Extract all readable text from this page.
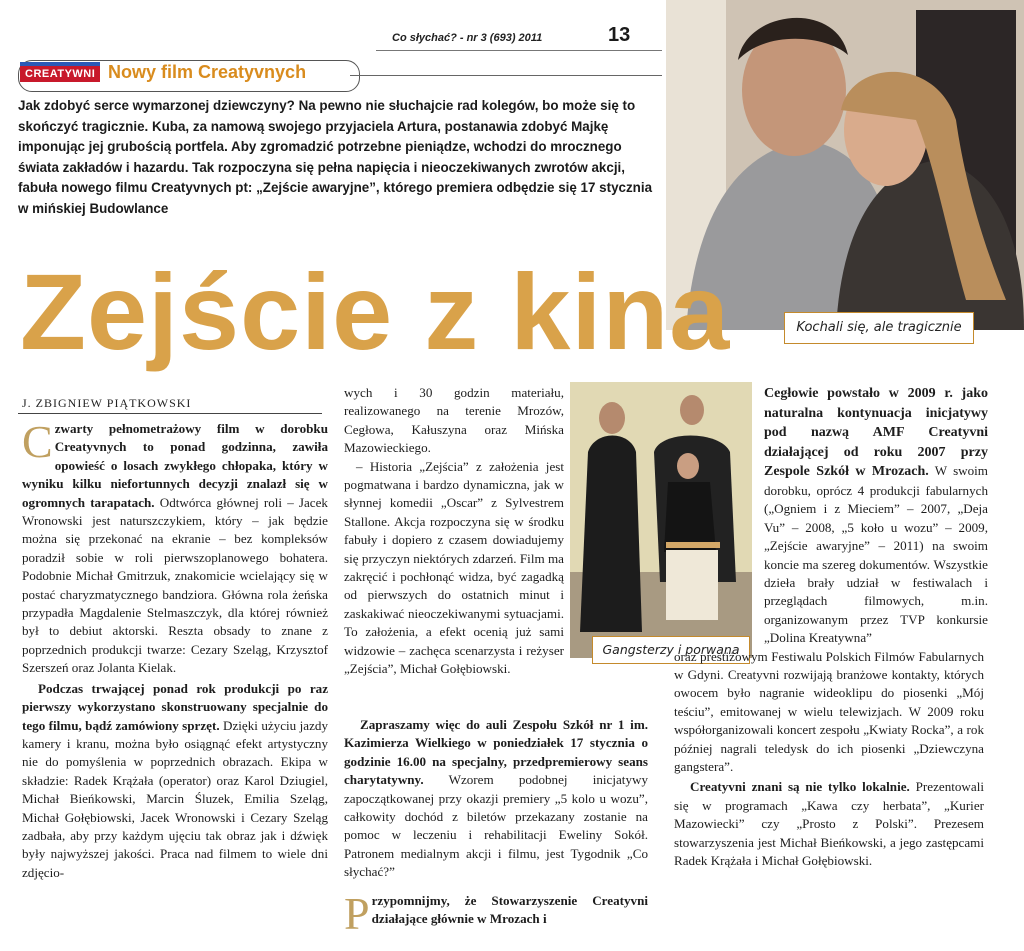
Co słychać? - nr 3 (693) 2011	13
CREATYWNI Nowy film Creatyvnych
Jak zdobyć serce wymarzonej dziewczyny? Na pewno nie słuchajcie rad kolegów, bo może się to skończyć tragicznie. Kuba, za namową swojego przyjaciela Artura, postanawia zdobyć Majkę imponując jej grubością portfela. Aby zgromadzić potrzebne pieniądze, wchodzi do mrocznego świata zakładów i hazardu. Tak rozpoczyna się pełna napięcia i nieoczekiwanych zwrotów akcji, fabuła nowego filmu Creatyvnych pt: „Zejście awaryjne”, którego premiera odbędzie się 17 stycznia w mińskiej Budowlance
Kochali się, ale tragicznie
Zejście z kina
J. ZBIGNIEW PIĄTKOWSKI

Czwarty pełnometrażowy film w dorobku Creatyvnych to ponad godzinna, zawiła opowieść o losach zwykłego chłopaka, który w wyniku kilku niefortunnych decyzji znalazł się w ogromnych tarapatach. Odtwórca głównej roli – Jacek Wronowski jest naturszczykiem, który – jak będzie można się przekonać na ekranie – bez kompleksów poradził sobie w roli pierwszoplanowego bohatera. Podobnie Michał Gmitrzuk, znakomicie wcielający się w postać charyzmatycznego bandziora. Główna rola żeńska przypadła Magdalenie Stelmaszczyk, dla której również był to debiut aktorski. Reszta obsady to znane z poprzednich produkcji twarze: Cezary Szeląg, Krzysztof Szerszeń oraz Jolanta Kielak.

Podczas trwającej ponad rok produkcji po raz pierwszy wykorzystano skonstruowany specjalnie do tego filmu, bądź zamówiony sprzęt. Dzięki użyciu jazdy kamery i kranu, można było osiągnąć efekt artystyczny nie do pomyślenia w poprzednich obrazach. Ekipa w składzie: Radek Krążała (operator) oraz Karol Dziugiel, Michał Bieńkowski, Marcin Śluzek, Emilia Szeląg, Michał Gołębiowski, Jacek Wronowski i Cezary Szeląg zadbała, aby przy każdym ujęciu tak obraz jak i dźwięk były najwyższej jakości. Praca nad filmem to wiele dni zdjęcio-

wych i 30 godzin materiału, realizowanego na terenie Mrozów, Cegłowa, Kałuszyna oraz Mińska Mazowieckiego.

– Historia „Zejścia” z założenia jest pogmatwana i bardzo dynamiczna, jak w słynnej komedii „Oscar” z Sylvestrem Stallone. Akcja rozpoczyna się w środku fabuły i dopiero z czasem dowiadujemy się przyczyn niektórych zdarzeń. Film ma zakręcić i pochłonąć widza, być zagadką od pierwszych do ostatnich minut i zaskakiwać nieoczekiwanymi sytuacjami. To założenia, a efekt ocenią już sami widzowie – zachęca scenarzysta i reżyser „Zejścia”, Michał Gołębiowski.

Zapraszamy więc do auli Zespołu Szkół nr 1 im. Kazimierza Wielkiego w poniedziałek 17 stycznia o godzinie 16.00 na specjalny, przedpremierowy seans charytatywny. Wzorem podobnej inicjatywy zapoczątkowanej przy okazji premiery „5 kolo u wozu”, całkowity dochód z biletów przekazany zostanie na pomoc w leczeniu i rehabilitacji Eweliny Sokół. Patronem medialnym akcji i filmu, jest Tygodnik „Co słychać?”

Przypomnijmy, że Stowarzyszenie Creatyvni działające głównie w Mrozach i

Gangsterzy i porwana

Cegłowie powstało w 2009 r. jako naturalna kontynuacja inicjatywy pod nazwą AMF Creatyvni działającej od roku 2007 przy Zespole Szkół w Mrozach. W swoim dorobku, oprócz 4 produkcji fabularnych („Ogniem i z Mieciem” – 2007, „Deja Vu” – 2008, „5 koło u wozu” – 2009, „Zejście awaryjne” – 2011) na swoim koncie ma szereg dokumentów. Wszystkie dzieła brały udział w festiwalach i przeglądach filmowych, m.in. organizowanym przez TVP konkursie „Dolina Kreatywna”

oraz prestiżowym Festiwalu Polskich Filmów Fabularnych w Gdyni. Creatyvni rozwijają branżowe kontakty, których owocem było nagranie wideoklipu do piosenki „Mój teściu”, emitowanej w wielu telewizjach. W 2009 roku współorganizowali koncert zespołu „Kwiaty Rocka”, a rok później nagrali teledysk do ich piosenki „Dziewczyna gangstera”.

Creatyvni znani są nie tylko lokalnie. Prezentowali się w programach „Kawa czy herbata”, „Kurier Mazowiecki” czy „Prosto z Polski”. Prezesem stowarzyszenia jest Michał Bieńkowski, a jego zastępcami Radek Krążała i Michał Gołębiowski.
